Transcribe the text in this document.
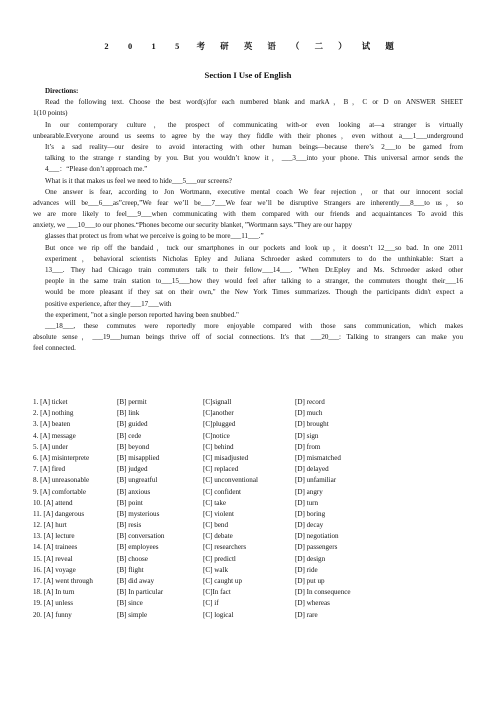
2 0 1 5 考 研 英 语 （ 二 ） 试 题
Section I Use of English
Directions:
Read the following text. Choose the best word(s)for each numbered blank and markA，B，C or D on ANSWER SHEET
1(10 points)
In our contemporary culture，the prospect of communicating with-or even looking at—a stranger is virtually
unbearable.Everyone around us seems to agree by the way they fiddle with their phones，even without a___1___underground
It’s a sad reality—our desire to avoid interacting with other human beings—because there’s 2___to be gamed from
talking to the strange r standing by you. But you wouldn’t know it，___3___into your phone. This universal armor sends the
4___：“Please don’t approach me.”
What is it that makes us feel we need to hide___5___our screens?
One answer is fear, according to Jon Wortmann, executive mental coach We fear rejection，or that our innocent social
advances will be___6___as”creep,”We fear we’ll be___7___We fear we’ll be disruptive Strangers are inherently___8___to us，so
we are more likely to feel___9___when communicating with them compared with our friends and acquaintances To avoid this
anxiety, we ___10___to our phones.“Phones become our security blanket，”Wortmann says.”They are our happy
glasses that protect us from what we perceive is going to be more___11___.”
But once we rip off the bandaid，tuck our smartphones in our pockets and look up，it doesn’t 12___so bad. In one 2011
experiment，behavioral scientists Nicholas Epley and Juliana Schroeder asked commuters to do the unthinkable: Start a
13___. They had Chicago train commuters talk to their fellow___14___. "When Dr.Epley and Ms. Schroeder asked other
people in the same train station to___15___how they would feel after talking to a stranger, the commuters thought their___16
would be more pleasant if they sat on their own," the New York Times summarizes. Though the participants didn't expect a
positive experience, after they___17___with
the experiment, "not a single person reported having been snubbed."
___18___, these commutes were reportedly more enjoyable compared with those sans communication, which makes
absolute sense，___19___human beings thrive off of social connections. It's that ___20___: Talking to strangers can make you
feel connected.
1. [A] ticket	[B] permit	[C]signall	[D] record
2. [A] nothing	[B] link	[C]another	[D] much
3. [A] beaten	[B] guided	[C]plugged	[D] brought
4. [A] message	[B] cede	[C]notice	[D] sign
5. [A] under	[B] beyond	[C] behind	[D] from
6. [A] misinterprete	[B] misapplied	[C] misadjusted	[D] mismatched
7. [A] fired	[B] judged	[C] replaced	[D] delayed
8. [A] unreasonable	[B] ungreatful	[C] unconventional	[D] unfamiliar
9. [A] comfortable	[B] anxious	[C] confident	[D] angry
10. [A] attend	[B] point	[C] take	[D] turn
11. [A] dangerous	[B] mysterious	[C] violent	[D] boring
12. [A] hurt	[B] resis	[C] bend	[D] decay
13. [A] lecture	[B] conversation	[C] debate	[D] negotiation
14. [A] trainees	[B] employees	[C] researchers	[D] passengers
15. [A] reveal	[B] choose	[C] predictl	[D] design
16. [A] voyage	[B] flight	[C] walk	[D] ride
17. [A] went through	[B] did away	[C] caught up	[D] put up
18. [A] In turn	[B] In particular	[C]In fact	[D] In consequence
19. [A] unless	[B] since	[C] if	[D] whereas
20. [A] funny	[B] simple	[C] logical	[D] rare
